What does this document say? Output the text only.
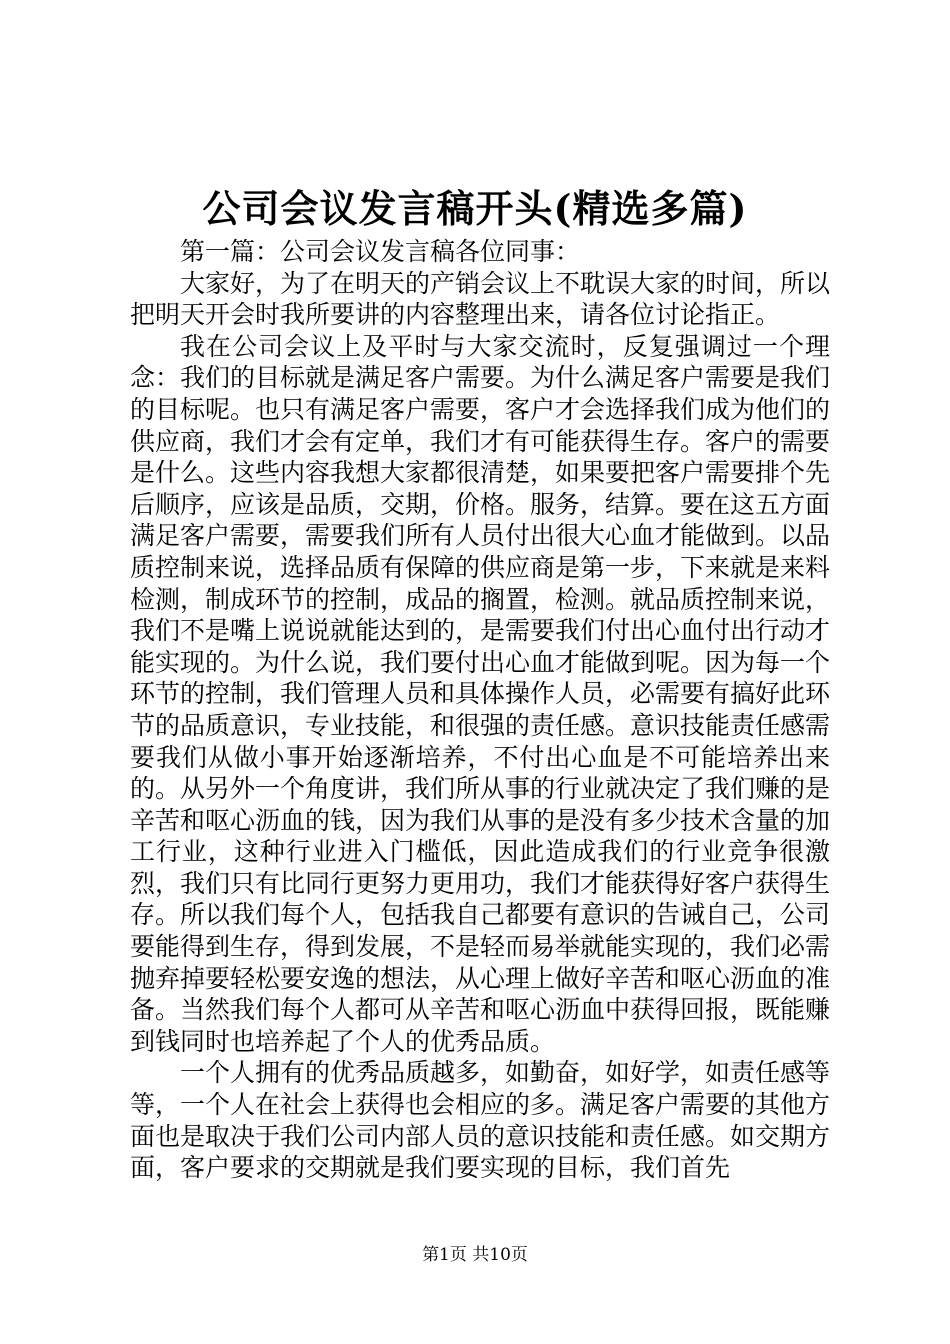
公司会议发言稿开头(精选多篇)

第一篇：公司会议发言稿各位同事：

大家好，为了在明天的产销会议上不耽误大家的时间，所以把明天开会时我所要讲的内容整理出来，请各位讨论指正。

我在公司会议上及平时与大家交流时，反复强调过一个理念：我们的目标就是满足客户需要。为什么满足客户需要是我们的目标呢。也只有满足客户需要，客户才会选择我们成为他们的供应商，我们才会有定单，我们才有可能获得生存。客户的需要是什么。这些内容我想大家都很清楚，如果要把客户需要排个先后顺序，应该是品质，交期，价格。服务，结算。要在这五方面满足客户需要，需要我们所有人员付出很大心血才能做到。以品质控制来说，选择品质有保障的供应商是第一步，下来就是来料检测，制成环节的控制，成品的搁置，检测。就品质控制来说，我们不是嘴上说说就能达到的，是需要我们付出心血付出行动才能实现的。为什么说，我们要付出心血才能做到呢。因为每一个环节的控制，我们管理人员和具体操作人员，必需要有搞好此环节的品质意识，专业技能，和很强的责任感。意识技能责任感需要我们从做小事开始逐渐培养，不付出心血是不可能培养出来的。从另外一个角度讲，我们所从事的行业就决定了我们赚的是辛苦和呕心沥血的钱，因为我们从事的是没有多少技术含量的加工行业，这种行业进入门槛低，因此造成我们的行业竞争很激烈，我们只有比同行更努力更用功，我们才能获得好客户获得生存。所以我们每个人，包括我自己都要有意识的告诫自己，公司要能得到生存，得到发展，不是轻而易举就能实现的，我们必需抛弃掉要轻松要安逸的想法，从心理上做好辛苦和呕心沥血的准备。当然我们每个人都可从辛苦和呕心沥血中获得回报，既能赚到钱同时也培养起了个人的优秀品质。

一个人拥有的优秀品质越多，如勤奋，如好学，如责任感等等，一个人在社会上获得也会相应的多。满足客户需要的其他方面也是取决于我们公司内部人员的意识技能和责任感。如交期方面，客户要求的交期就是我们要实现的目标，我们首先

第1页 共10页
